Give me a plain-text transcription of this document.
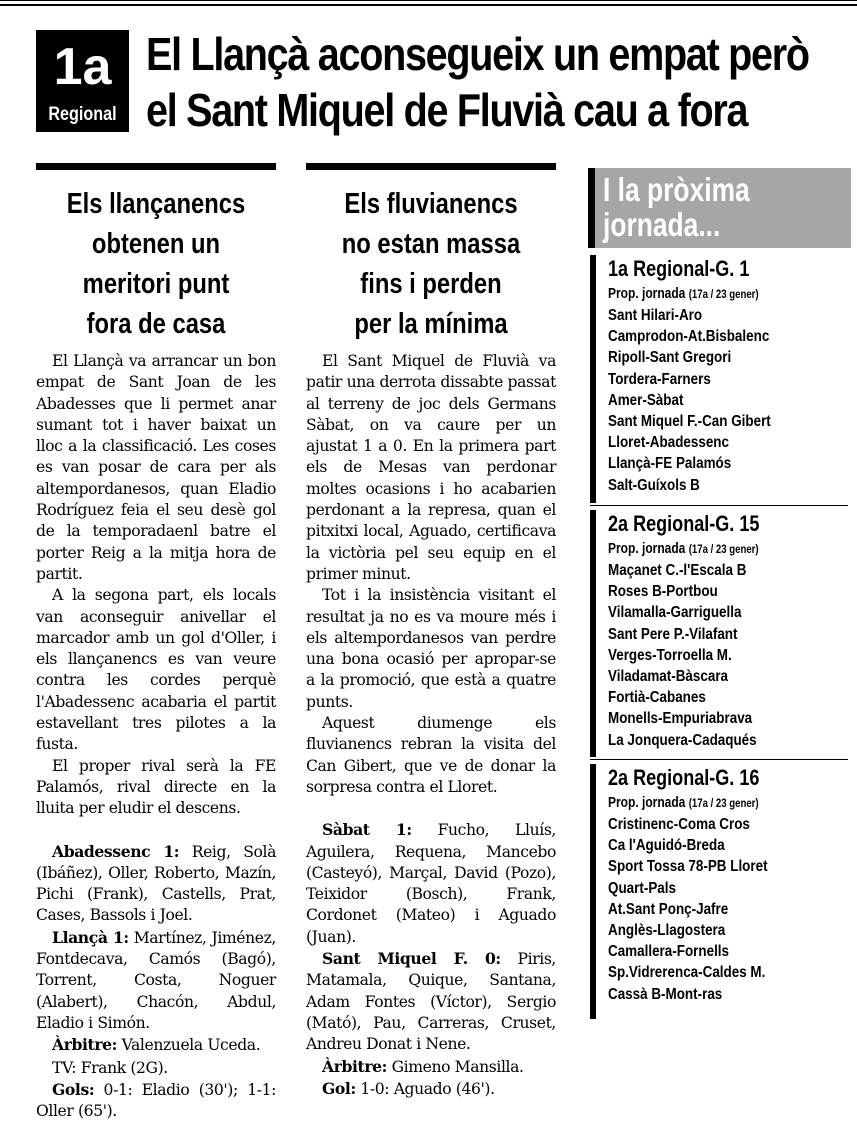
1a
Regional
El Llançà aconsegueix un empat però
el Sant Miquel de Fluvià cau a fora
Els llançanencs
obtenen un
meritori punt
fora de casa

El Llançà va arrancar un bon empat de Sant Joan de les Abadesses que li permet anar sumant tot i haver baixat un lloc a la classificació. Les coses es van posar de cara per als altempordanesos, quan Eladio Rodríguez feia el seu desè gol de la temporadaenl batre el porter Reig a la mitja hora de partit.

A la segona part, els locals van aconseguir anivellar el marcador amb un gol d'Oller, i els llançanencs es van veure contra les cordes perquè l'Abadessenc acabaria el partit estavellant tres pilotes a la fusta.

El proper rival serà la FE Palamós, rival directe en la lluita per eludir el descens.

Abadessenc 1: Reig, Solà (Ibáñez), Oller, Roberto, Mazín, Pichi (Frank), Castells, Prat, Cases, Bassols i Joel.

Llançà 1: Martínez, Jiménez, Fontdecava, Camós (Bagó), Torrent, Costa, Noguer (Alabert), Chacón, Abdul, Eladio i Simón.

Àrbitre: Valenzuela Uceda.

TV: Frank (2G).

Gols: 0-1: Eladio (30'); 1-1: Oller (65').

Els fluvianencs
no estan massa
fins i perden
per la mínima

El Sant Miquel de Fluvià va patir una derrota dissabte passat al terreny de joc dels Germans Sàbat, on va caure per un ajustat 1 a 0. En la primera part els de Mesas van perdonar moltes ocasions i ho acabarien perdonant a la represa, quan el pitxitxi local, Aguado, certificava la victòria pel seu equip en el primer minut.

Tot i la insistència visitant el resultat ja no es va moure més i els altempordanesos van perdre una bona ocasió per apropar-se a la promoció, que està a quatre punts.

Aquest diumenge els fluvianencs rebran la visita del Can Gibert, que ve de donar la sorpresa contra el Lloret.

Sàbat 1: Fucho, Lluís, Aguilera, Requena, Mancebo (Casteyó), Marçal, David (Pozo), Teixidor (Bosch), Frank, Cordonet (Mateo) i Aguado (Juan).

Sant Miquel F. 0: Piris, Matamala, Quique, Santana, Adam Fontes (Víctor), Sergio (Mató), Pau, Carreras, Cruset, Andreu Donat i Nene.

Àrbitre: Gimeno Mansilla.

Gol: 1-0: Aguado (46').

I la pròxima
jornada...
1a Regional-G. 1
Prop. jornada (17a / 23 gener)
Sant Hilari-Aro
Camprodon-At.Bisbalenc
Ripoll-Sant Gregori
Tordera-Farners
Amer-Sàbat
Sant Miquel F.-Can Gibert
Lloret-Abadessenc
Llançà-FE Palamós
Salt-Guíxols B
2a Regional-G. 15
Prop. jornada (17a / 23 gener)
Maçanet C.-l'Escala B
Roses B-Portbou
Vilamalla-Garriguella
Sant Pere P.-Vilafant
Verges-Torroella M.
Viladamat-Bàscara
Fortià-Cabanes
Monells-Empuriabrava
La Jonquera-Cadaqués
2a Regional-G. 16
Prop. jornada (17a / 23 gener)
Cristinenc-Coma Cros
Ca l'Aguidó-Breda
Sport Tossa 78-PB Lloret
Quart-Pals
At.Sant Ponç-Jafre
Anglès-Llagostera
Camallera-Fornells
Sp.Vidrerenca-Caldes M.
Cassà B-Mont-ras
